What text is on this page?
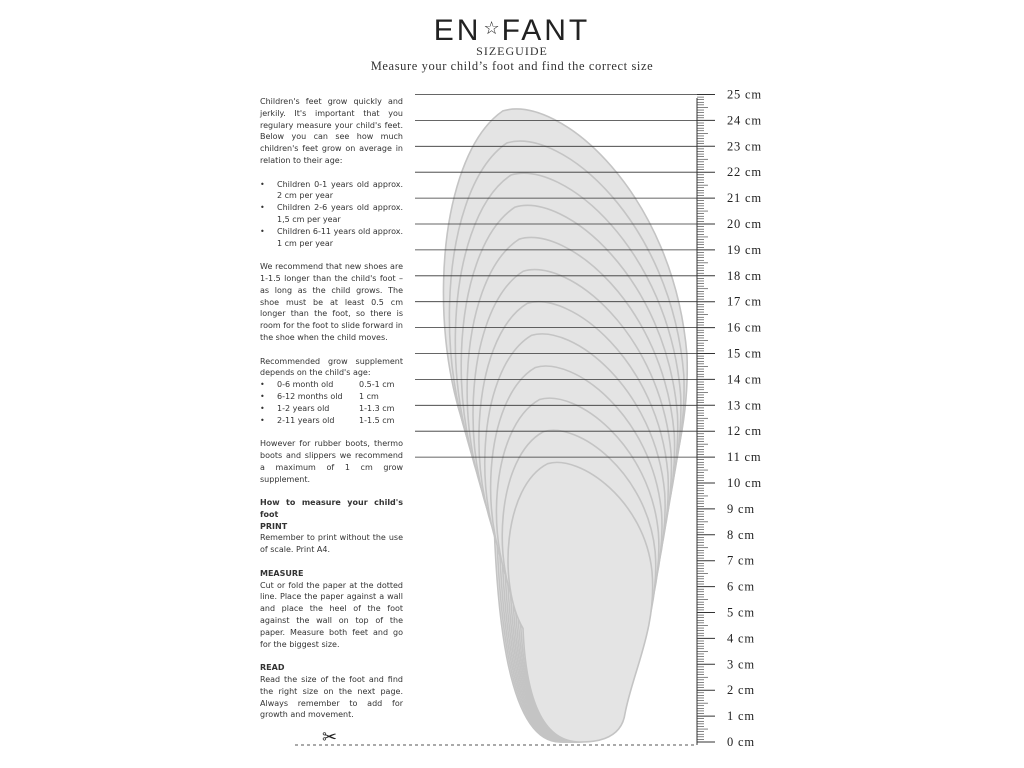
EN ☆FANT
SIZEGUIDE
Measure your child’s foot and find the correct size

Children's feet grow quickly and jerkily. It's important that you regulary measure your child's feet. Below you can see how much children's feet grow on average in relation to their age:

• Children 0-1 years old approx. 2 cm per year
• Children 2-6 years old approx. 1,5 cm per year
• Children 6-11 years old approx. 1 cm per year

We recommend that new shoes are 1-1.5 longer than the child's foot – as long as the child grows. The shoe must be at least 0.5 cm longer than the foot, so there is room for the foot to slide forward in the shoe when the child moves.

Recommended grow supplement depends on the child's age:

• 0-6 month old	0.5-1 cm
• 6-12 months old	1 cm
• 1-2 years old	1-1.3 cm
• 2-11 years old	1-1.5 cm

However for rubber boots, thermo boots and slippers we recommend a maximum of 1 cm grow supplement.

How to measure your child's foot

PRINT

Remember to print without the use of scale. Print A4.

MEASURE

Cut or fold the paper at the dotted line. Place the paper against a wall and place the heel of the foot against the wall on top of the paper. Measure both feet and go for the biggest size.

READ

Read the size of the foot and find the right size on the next page. Always remember to add for growth and movement.

0 cm
1 cm
2 cm
3 cm
4 cm
5 cm
6 cm
7 cm
8 cm
9 cm
10 cm
11 cm
12 cm
13 cm
14 cm
15 cm
16 cm
17 cm
18 cm
19 cm
20 cm
21 cm
22 cm
23 cm
24 cm
25 cm
✂
